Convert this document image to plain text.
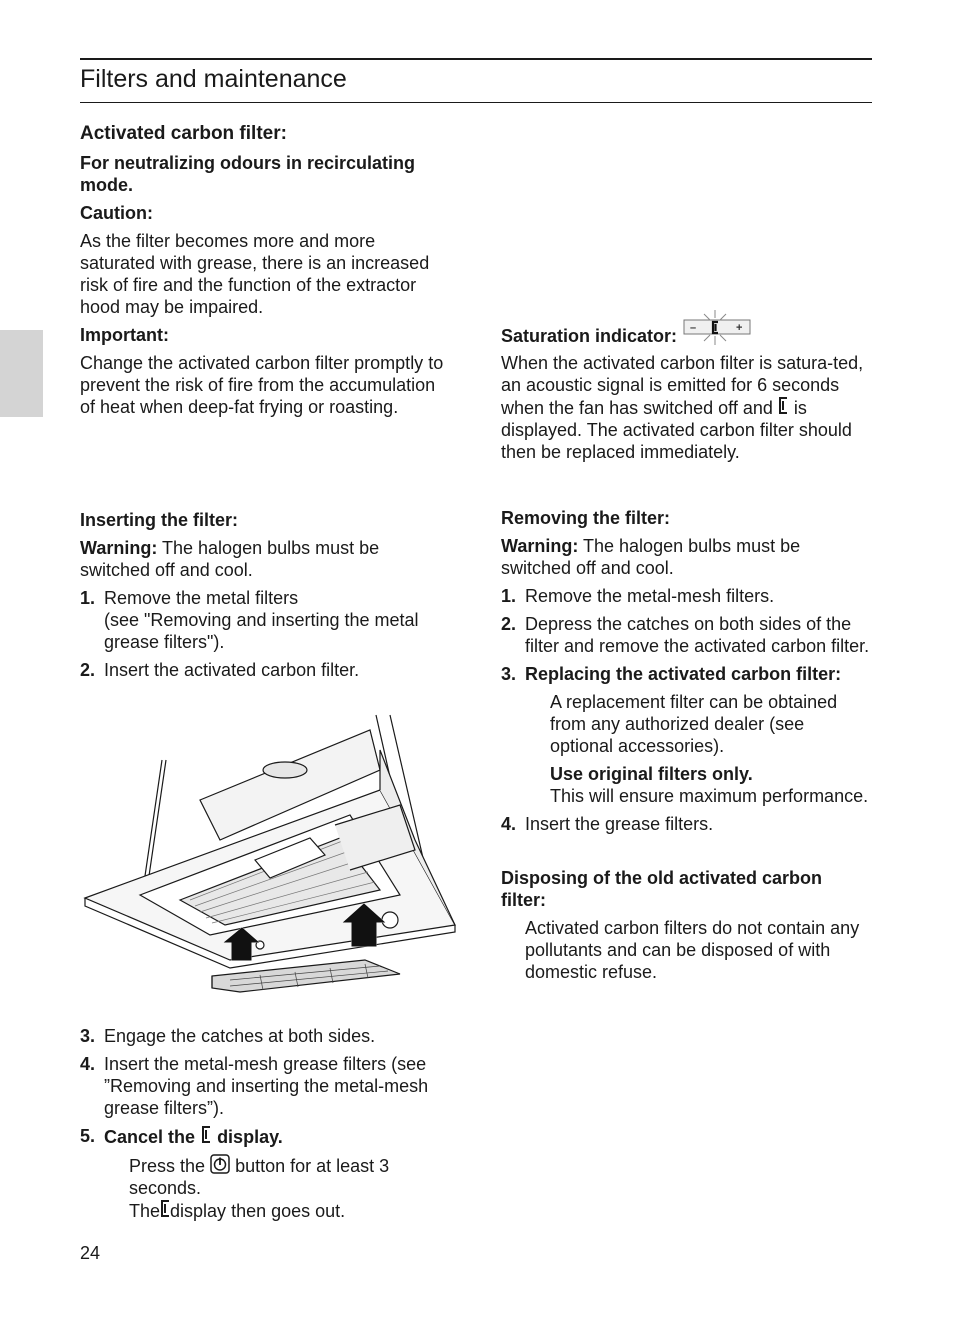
Filters and maintenance

Activated carbon filter:

For neutralizing odours in recirculating mode.

Caution:

As the filter becomes more and more saturated with grease, there is an increased risk of fire and the function of the extractor hood may be impaired.

Important:

Change the activated carbon filter promptly to prevent the risk of fire from the accumulation of heat when deep-fat frying or roasting.

Inserting the filter:

Warning: The halogen bulbs must be switched off and cool.

1. Remove the metal filters
(see "Removing and inserting the metal grease filters").
2. Insert the activated carbon filter.
3. Engage the catches at both sides.
4. Insert the metal-mesh grease filters (see ”Removing and inserting the metal-mesh grease filters”).
5. Cancel the display.

Press the button for at least 3 seconds.

The display then goes out.

Saturation indicator: –	+

When the activated carbon filter is satura-ted, an acoustic signal is emitted for 6 seconds when the fan has switched off and is displayed. The activated carbon filter should then be replaced immediately.

Removing the filter:

Warning: The halogen bulbs must be switched off and cool.

1. Remove the metal-mesh filters.
2. Depress the catches on both sides of the filter and remove the activated carbon filter.
3. Replacing the activated carbon filter:

A replacement filter can be obtained from any authorized dealer (see optional accessories).

Use original filters only.

This will ensure maximum performance.

4. Insert the grease filters.

Disposing of the old activated carbon filter:

Activated carbon filters do not contain any pollutants and can be disposed of with domestic refuse.

24
